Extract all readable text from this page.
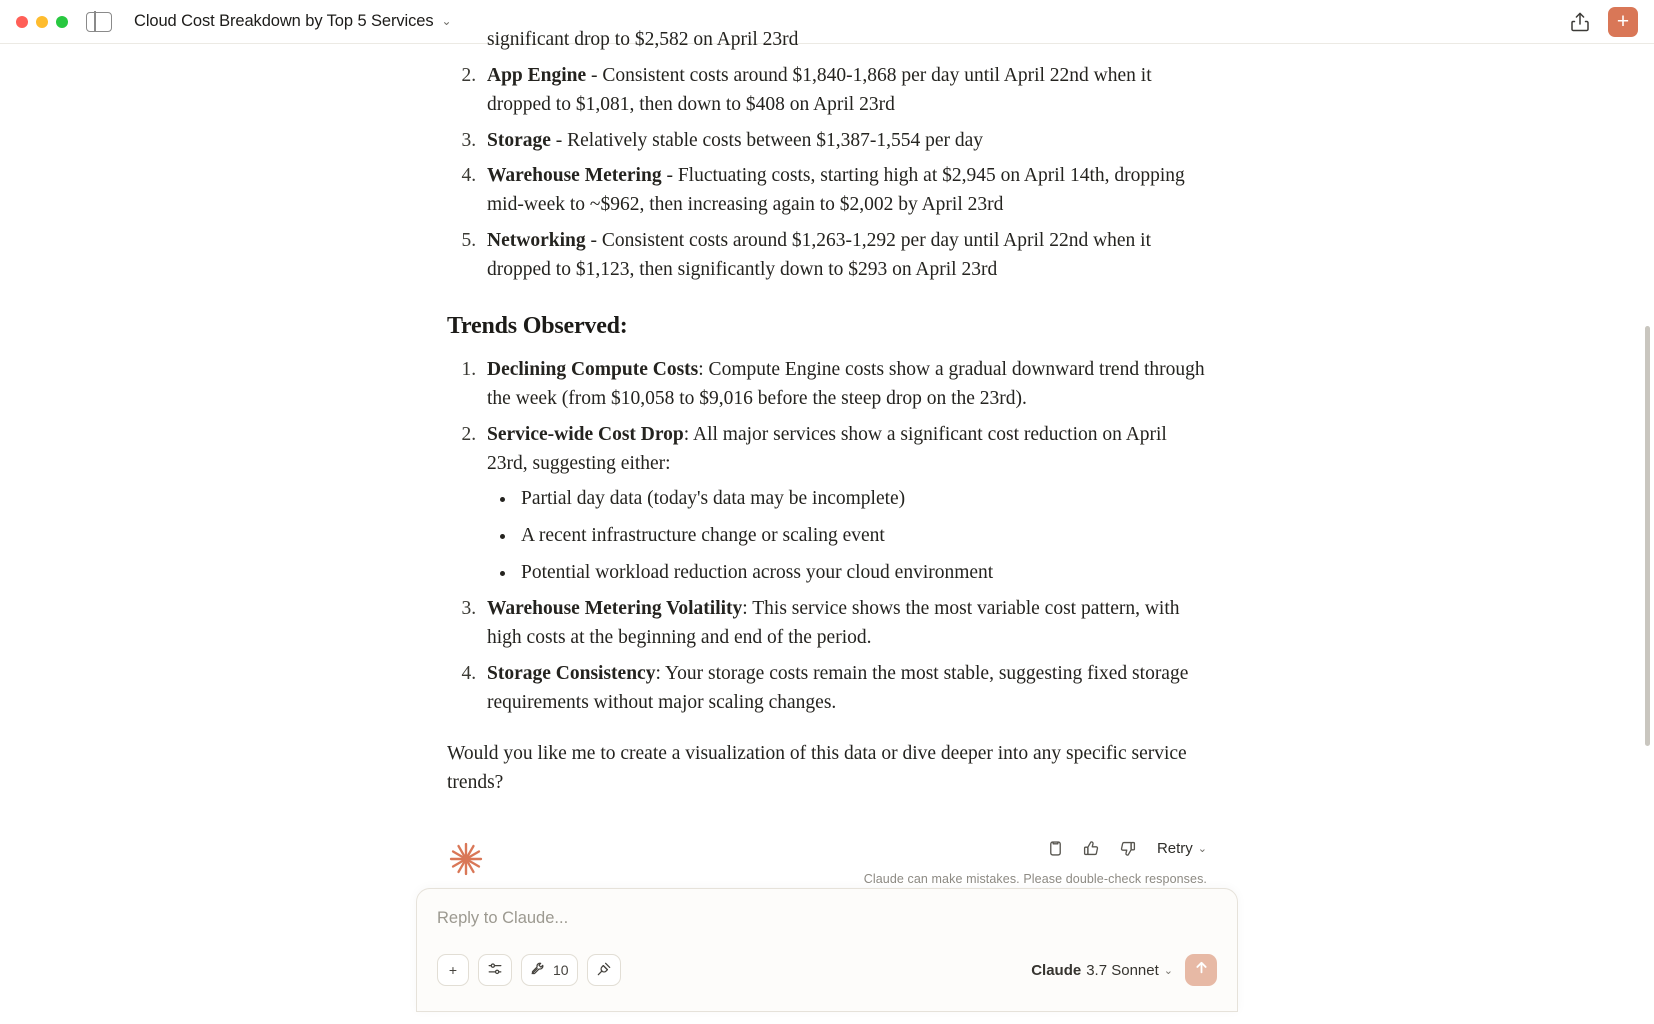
Cloud Cost Breakdown by Top 5 Services ⌄	+
significant drop to $2,582 on April 23rd
2. App Engine - Consistent costs around $1,840-1,868 per day until April 22nd when it dropped to $1,081, then down to $408 on April 23rd
3. Storage - Relatively stable costs between $1,387-1,554 per day
4. Warehouse Metering - Fluctuating costs, starting high at $2,945 on April 14th, dropping mid-week to ~$962, then increasing again to $2,002 by April 23rd
5. Networking - Consistent costs around $1,263-1,292 per day until April 22nd when it dropped to $1,123, then significantly down to $293 on April 23rd
Trends Observed:
1. Declining Compute Costs: Compute Engine costs show a gradual downward trend through the week (from $10,058 to $9,016 before the steep drop on the 23rd).
2. Service-wide Cost Drop: All major services show a significant cost reduction on April 23rd, suggesting either:
• Partial day data (today's data may be incomplete)
• A recent infrastructure change or scaling event
• Potential workload reduction across your cloud environment
3. Warehouse Metering Volatility: This service shows the most variable cost pattern, with high costs at the beginning and end of the period.
4. Storage Consistency: Your storage costs remain the most stable, suggesting fixed storage requirements without major scaling changes.

Would you like me to create a visualization of this data or dive deeper into any specific service trends?

Retry ⌄
Claude can make mistakes. Please double-check responses.
Reply to Claude...
+	10	Claude 3.7 Sonnet ⌄
